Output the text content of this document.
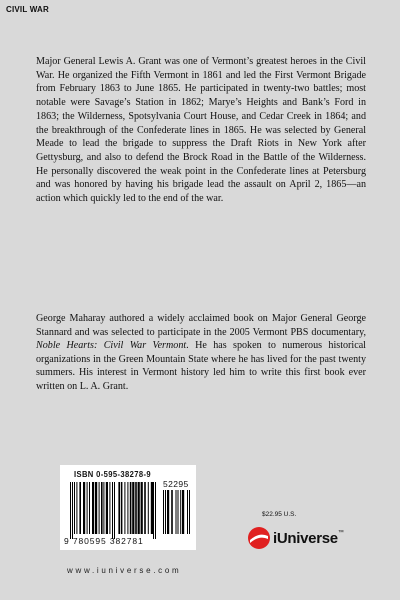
CIVIL WAR

Major General Lewis A. Grant was one of Vermont’s greatest heroes in the Civil War. He organized the Fifth Vermont in 1861 and led the First Vermont Brigade from February 1863 to June 1865. He participated in twenty-two battles; most notable were Savage’s Station in 1862; Marye’s Heights and Bank’s Ford in 1863; the Wilderness, Spotsylvania Court House, and Cedar Creek in 1864; and the breakthrough of the Confederate lines in 1865. He was selected by General Meade to lead the brigade to suppress the Draft Riots in New York after Gettysburg, and also to defend the Brock Road in the Battle of the Wilderness. He personally discovered the weak point in the Confederate lines at Petersburg and was honored by having his brigade lead the assault on April 2, 1865—an action which quickly led to the end of the war.

George Maharay authored a widely acclaimed book on Major General George Stannard and was selected to participate in the 2005 Vermont PBS documentary, Noble Hearts: Civil War Vermont. He has spoken to numerous historical organizations in the Green Mountain State where he has lived for the past twenty summers. His interest in Vermont history led him to write this first book ever written on L. A. Grant.

ISBN 0-595-38278-9
52295
9 780595 382781
$22.95 U.S.
iUniverse™
www.iuniverse.com
